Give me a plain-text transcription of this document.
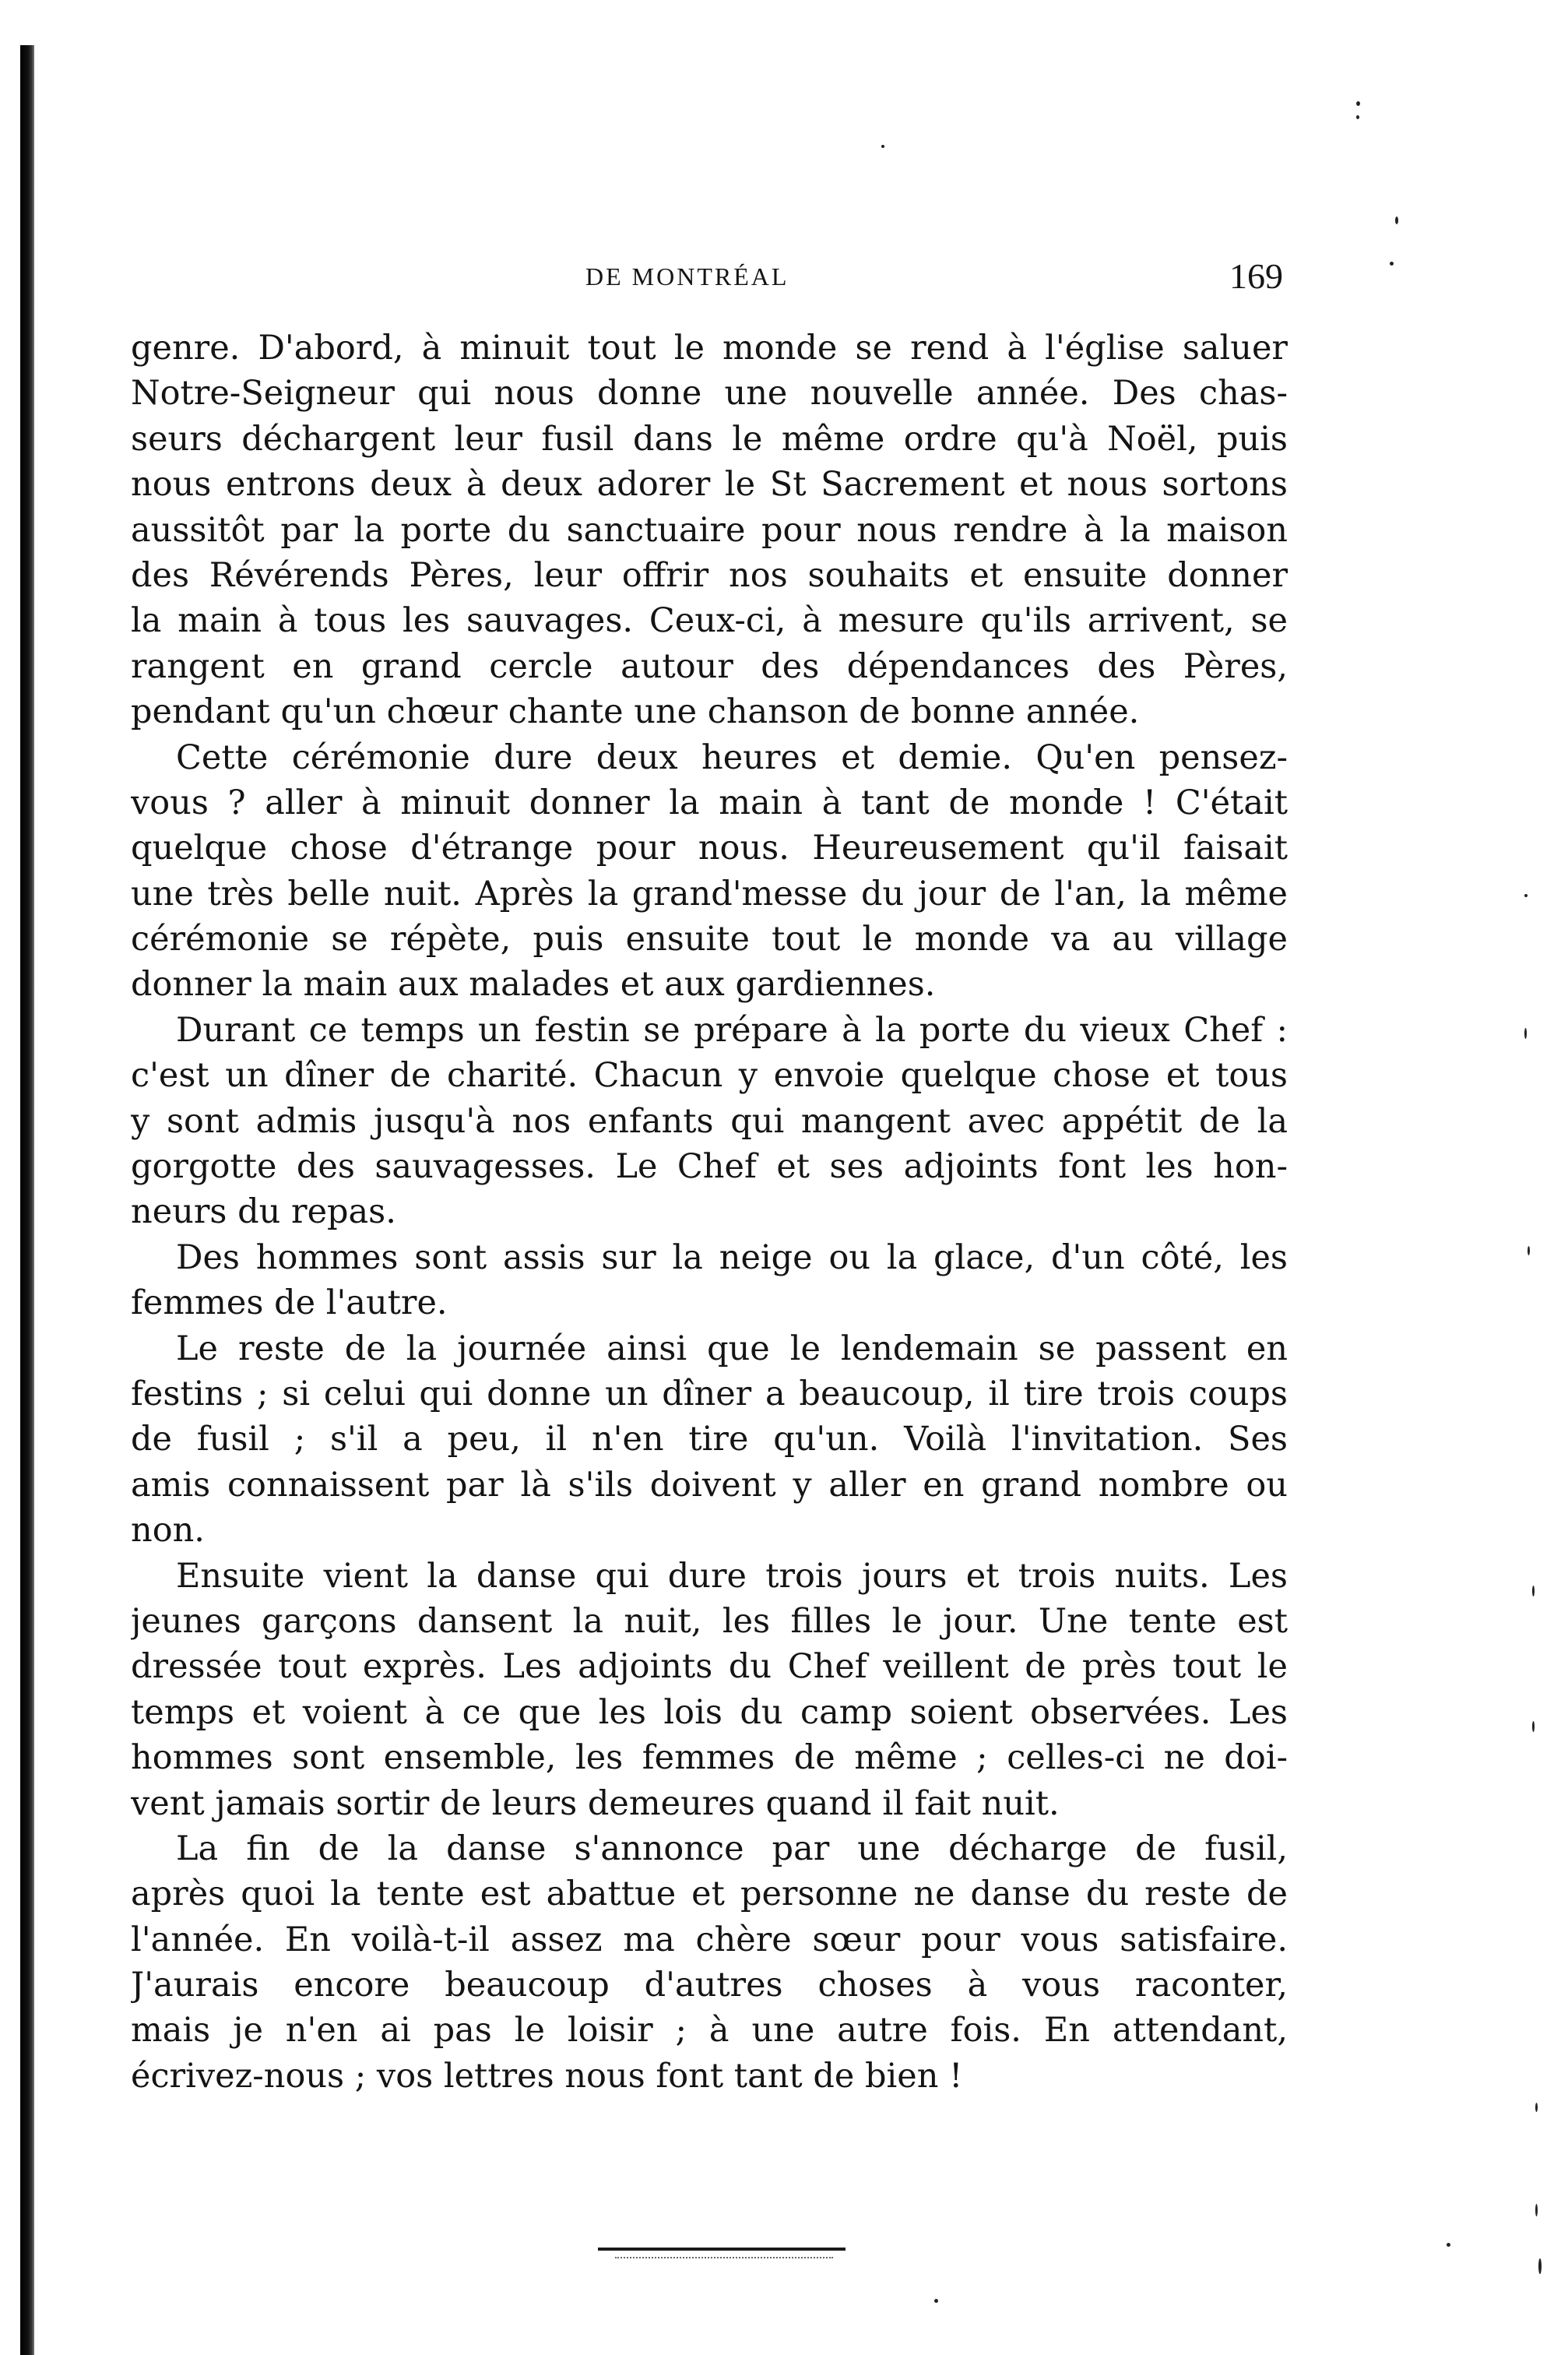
DE MONTRÉAL	169
genre. D'abord, à minuit tout le monde se rend à l'église saluer
Notre-Seigneur qui nous donne une nouvelle année. Des chas-
seurs déchargent leur fusil dans le même ordre qu'à Noël, puis
nous entrons deux à deux adorer le St Sacrement et nous sortons
aussitôt par la porte du sanctuaire pour nous rendre à la maison
des Révérends Pères, leur offrir nos souhaits et ensuite donner
la main à tous les sauvages. Ceux-ci, à mesure qu'ils arrivent, se
rangent en grand cercle autour des dépendances des Pères,
pendant qu'un chœur chante une chanson de bonne année.
Cette cérémonie dure deux heures et demie. Qu'en pensez-
vous ? aller à minuit donner la main à tant de monde ! C'était
quelque chose d'étrange pour nous. Heureusement qu'il faisait
une très belle nuit. Après la grand'messe du jour de l'an, la même
cérémonie se répète, puis ensuite tout le monde va au village
donner la main aux malades et aux gardiennes.
Durant ce temps un festin se prépare à la porte du vieux Chef :
c'est un dîner de charité. Chacun y envoie quelque chose et tous
y sont admis jusqu'à nos enfants qui mangent avec appétit de la
gorgotte des sauvagesses. Le Chef et ses adjoints font les hon-
neurs du repas.
Des hommes sont assis sur la neige ou la glace, d'un côté, les
femmes de l'autre.
Le reste de la journée ainsi que le lendemain se passent en
festins ; si celui qui donne un dîner a beaucoup, il tire trois coups
de fusil ; s'il a peu, il n'en tire qu'un. Voilà l'invitation. Ses
amis connaissent par là s'ils doivent y aller en grand nombre ou
non.
Ensuite vient la danse qui dure trois jours et trois nuits. Les
jeunes garçons dansent la nuit, les filles le jour. Une tente est
dressée tout exprès. Les adjoints du Chef veillent de près tout le
temps et voient à ce que les lois du camp soient observées. Les
hommes sont ensemble, les femmes de même ; celles-ci ne doi-
vent jamais sortir de leurs demeures quand il fait nuit.
La fin de la danse s'annonce par une décharge de fusil,
après quoi la tente est abattue et personne ne danse du reste de
l'année. En voilà-t-il assez ma chère sœur pour vous satisfaire.
J'aurais encore beaucoup d'autres choses à vous raconter,
mais je n'en ai pas le loisir ; à une autre fois. En attendant,
écrivez-nous ; vos lettres nous font tant de bien !
